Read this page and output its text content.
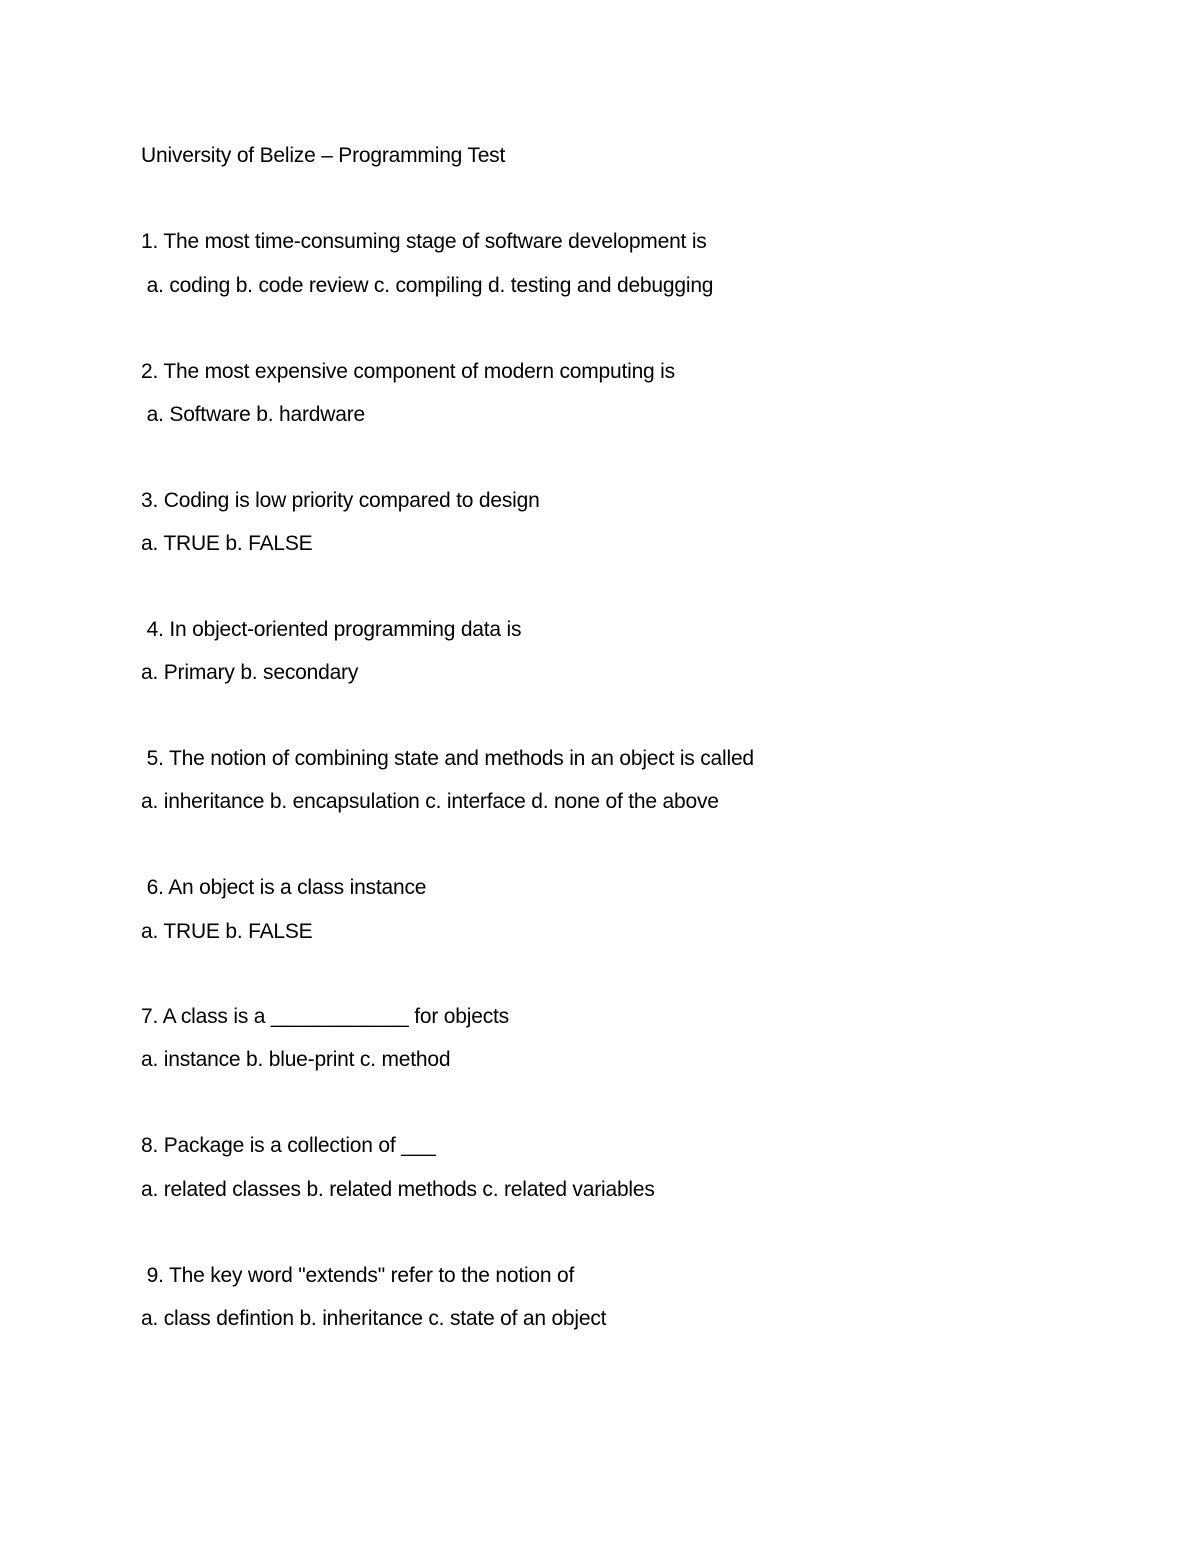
University of Belize – Programming Test
1. The most time-consuming stage of software development is
a. coding b. code review c. compiling d. testing and debugging
2. The most expensive component of modern computing is
a. Software b. hardware
3. Coding is low priority compared to design
a. TRUE b. FALSE
4. In object-oriented programming data is
a. Primary b. secondary
5. The notion of combining state and methods in an object is called
a. inheritance b. encapsulation c. interface d. none of the above
6. An object is a class instance
a. TRUE b. FALSE
7. A class is a ____________ for objects
a. instance b. blue-print c. method
8. Package is a collection of ___
a. related classes b. related methods c. related variables
9. The key word "extends" refer to the notion of
a. class defintion b. inheritance c. state of an object
